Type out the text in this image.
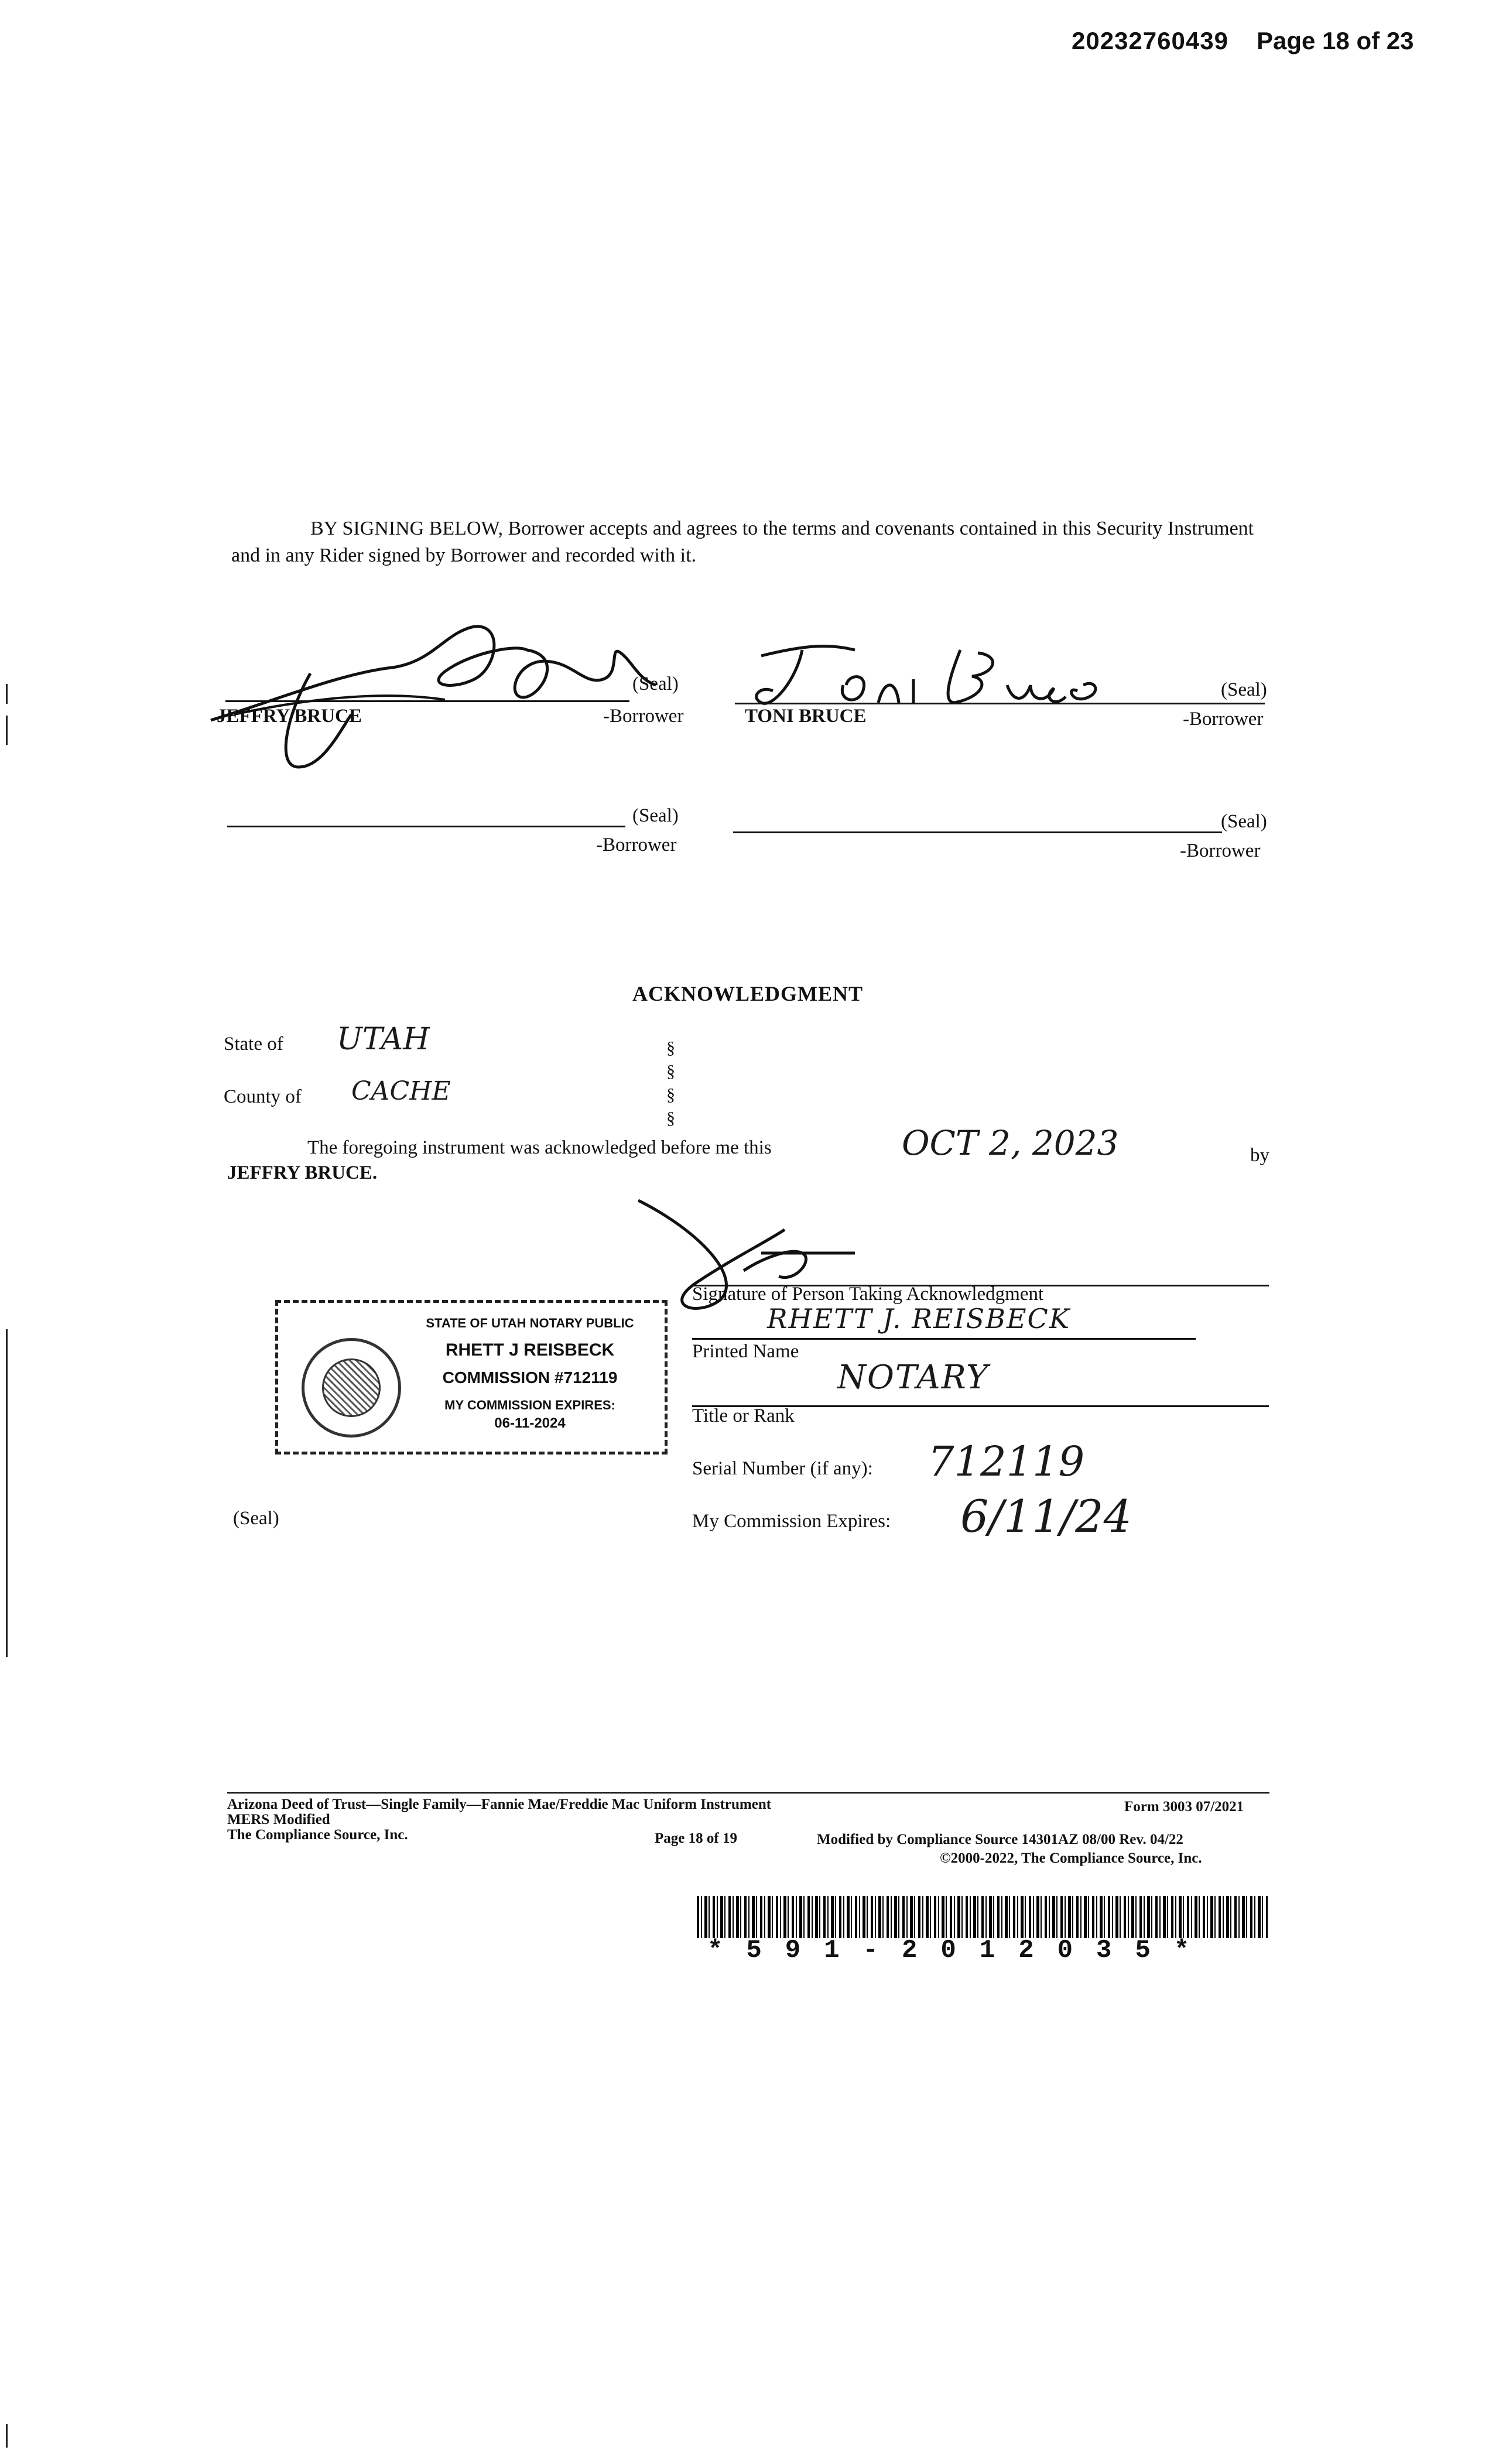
20232760439 Page 18 of 23
BY SIGNING BELOW, Borrower accepts and agrees to the terms and covenants contained in this Security Instrument and in any Rider signed by Borrower and recorded with it.
(Seal)
JEFFRY BRUCE	-Borrower
(Seal)
TONI BRUCE	-Borrower
(Seal)
-Borrower
(Seal)
-Borrower
ACKNOWLEDGMENT
State of UTAH
County of CACHE
§
§
§
§
The foregoing instrument was acknowledged before me this	OCT 2, 2023	by
JEFFRY BRUCE.
Signature of Person Taking Acknowledgment
RHETT J. REISBECK
Printed Name
NOTARY
Title or Rank
Serial Number (if any): 712119
My Commission Expires: 6/11/24
(Seal)
STATE OF UTAH NOTARY PUBLIC
RHETT J REISBECK
COMMISSION #712119
MY COMMISSION EXPIRES:
06-11-2024
Arizona Deed of Trust—Single Family—Fannie Mae/Freddie Mac Uniform Instrument	Form 3003 07/2021
MERS Modified
The Compliance Source, Inc.	Page 18 of 19	Modified by Compliance Source 14301AZ 08/00 Rev. 04/22
©2000-2022, The Compliance Source, Inc.
*591-2012035*
